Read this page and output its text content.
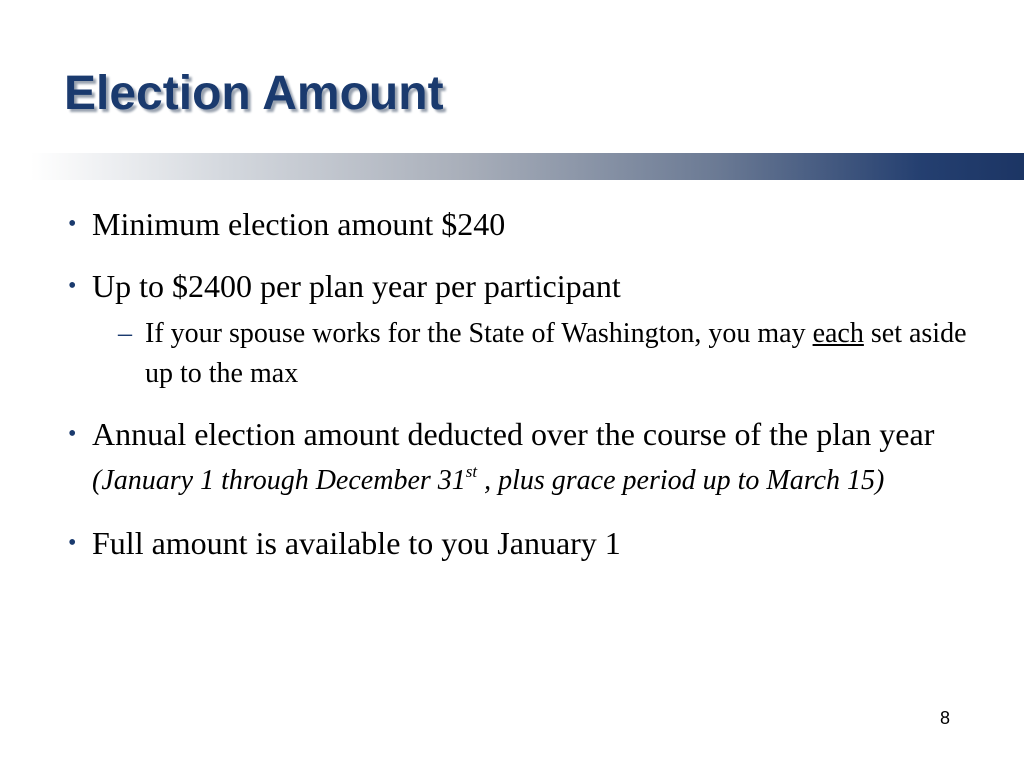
Election Amount
• Minimum election amount $240
• Up to $2400 per plan year per participant
– If your spouse works for the State of Washington, you may each set aside up to the max
• Annual election amount deducted over the course of the plan year (January 1 through December 31st , plus grace period up to March 15)
• Full amount is available to you January 1
8
